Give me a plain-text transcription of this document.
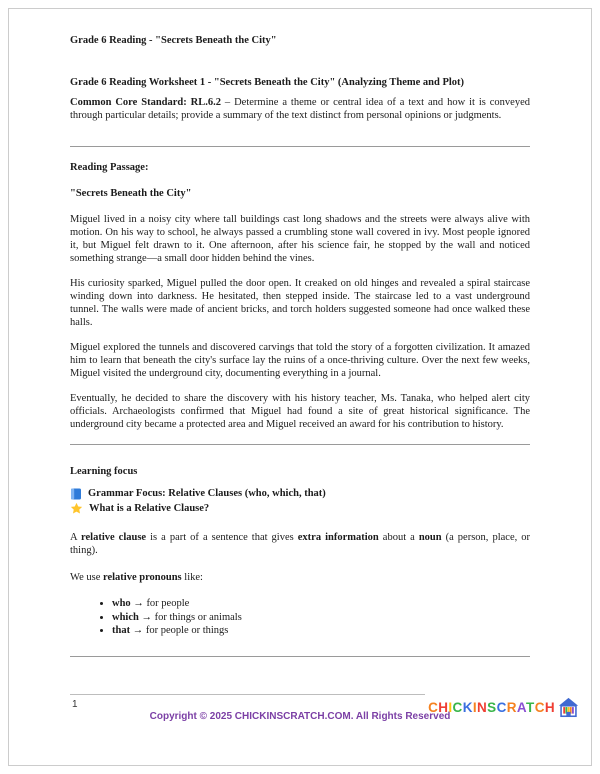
Grade 6 Reading - "Secrets Beneath the City"
Grade 6 Reading Worksheet 1 - "Secrets Beneath the City" (Analyzing Theme and Plot)

Common Core Standard: RL.6.2 – Determine a theme or central idea of a text and how it is conveyed through particular details; provide a summary of the text distinct from personal opinions or judgments.

Reading Passage:
"Secrets Beneath the City"

Miguel lived in a noisy city where tall buildings cast long shadows and the streets were always alive with motion. On his way to school, he always passed a crumbling stone wall covered in ivy. Most people ignored it, but Miguel felt drawn to it. One afternoon, after his science fair, he stopped by the wall and noticed something strange—a small door hidden behind the vines.

His curiosity sparked, Miguel pulled the door open. It creaked on old hinges and revealed a spiral staircase winding down into darkness. He hesitated, then stepped inside. The staircase led to a vast underground tunnel. The walls were made of ancient bricks, and torch holders suggested someone had once walked these halls.

Miguel explored the tunnels and discovered carvings that told the story of a forgotten civilization. It amazed him to learn that beneath the city's surface lay the ruins of a once-thriving culture. Over the next few weeks, Miguel visited the underground city, documenting everything in a journal.

Eventually, he decided to share the discovery with his history teacher, Ms. Tanaka, who helped alert city officials. Archaeologists confirmed that Miguel had found a site of great historical significance. The underground city became a protected area and Miguel received an award for his contribution to history.

Learning focus
Grammar Focus: Relative Clauses (who, which, that)
What is a Relative Clause?

A relative clause is a part of a sentence that gives extra information about a noun (a person, place, or thing).

We use relative pronouns like:

• who → for people
• which → for things or animals
• that → for people or things
1
Copyright © 2025 CHICKINSCRATCH.COM. All Rights Reserved
CHICKINSCRATCH
